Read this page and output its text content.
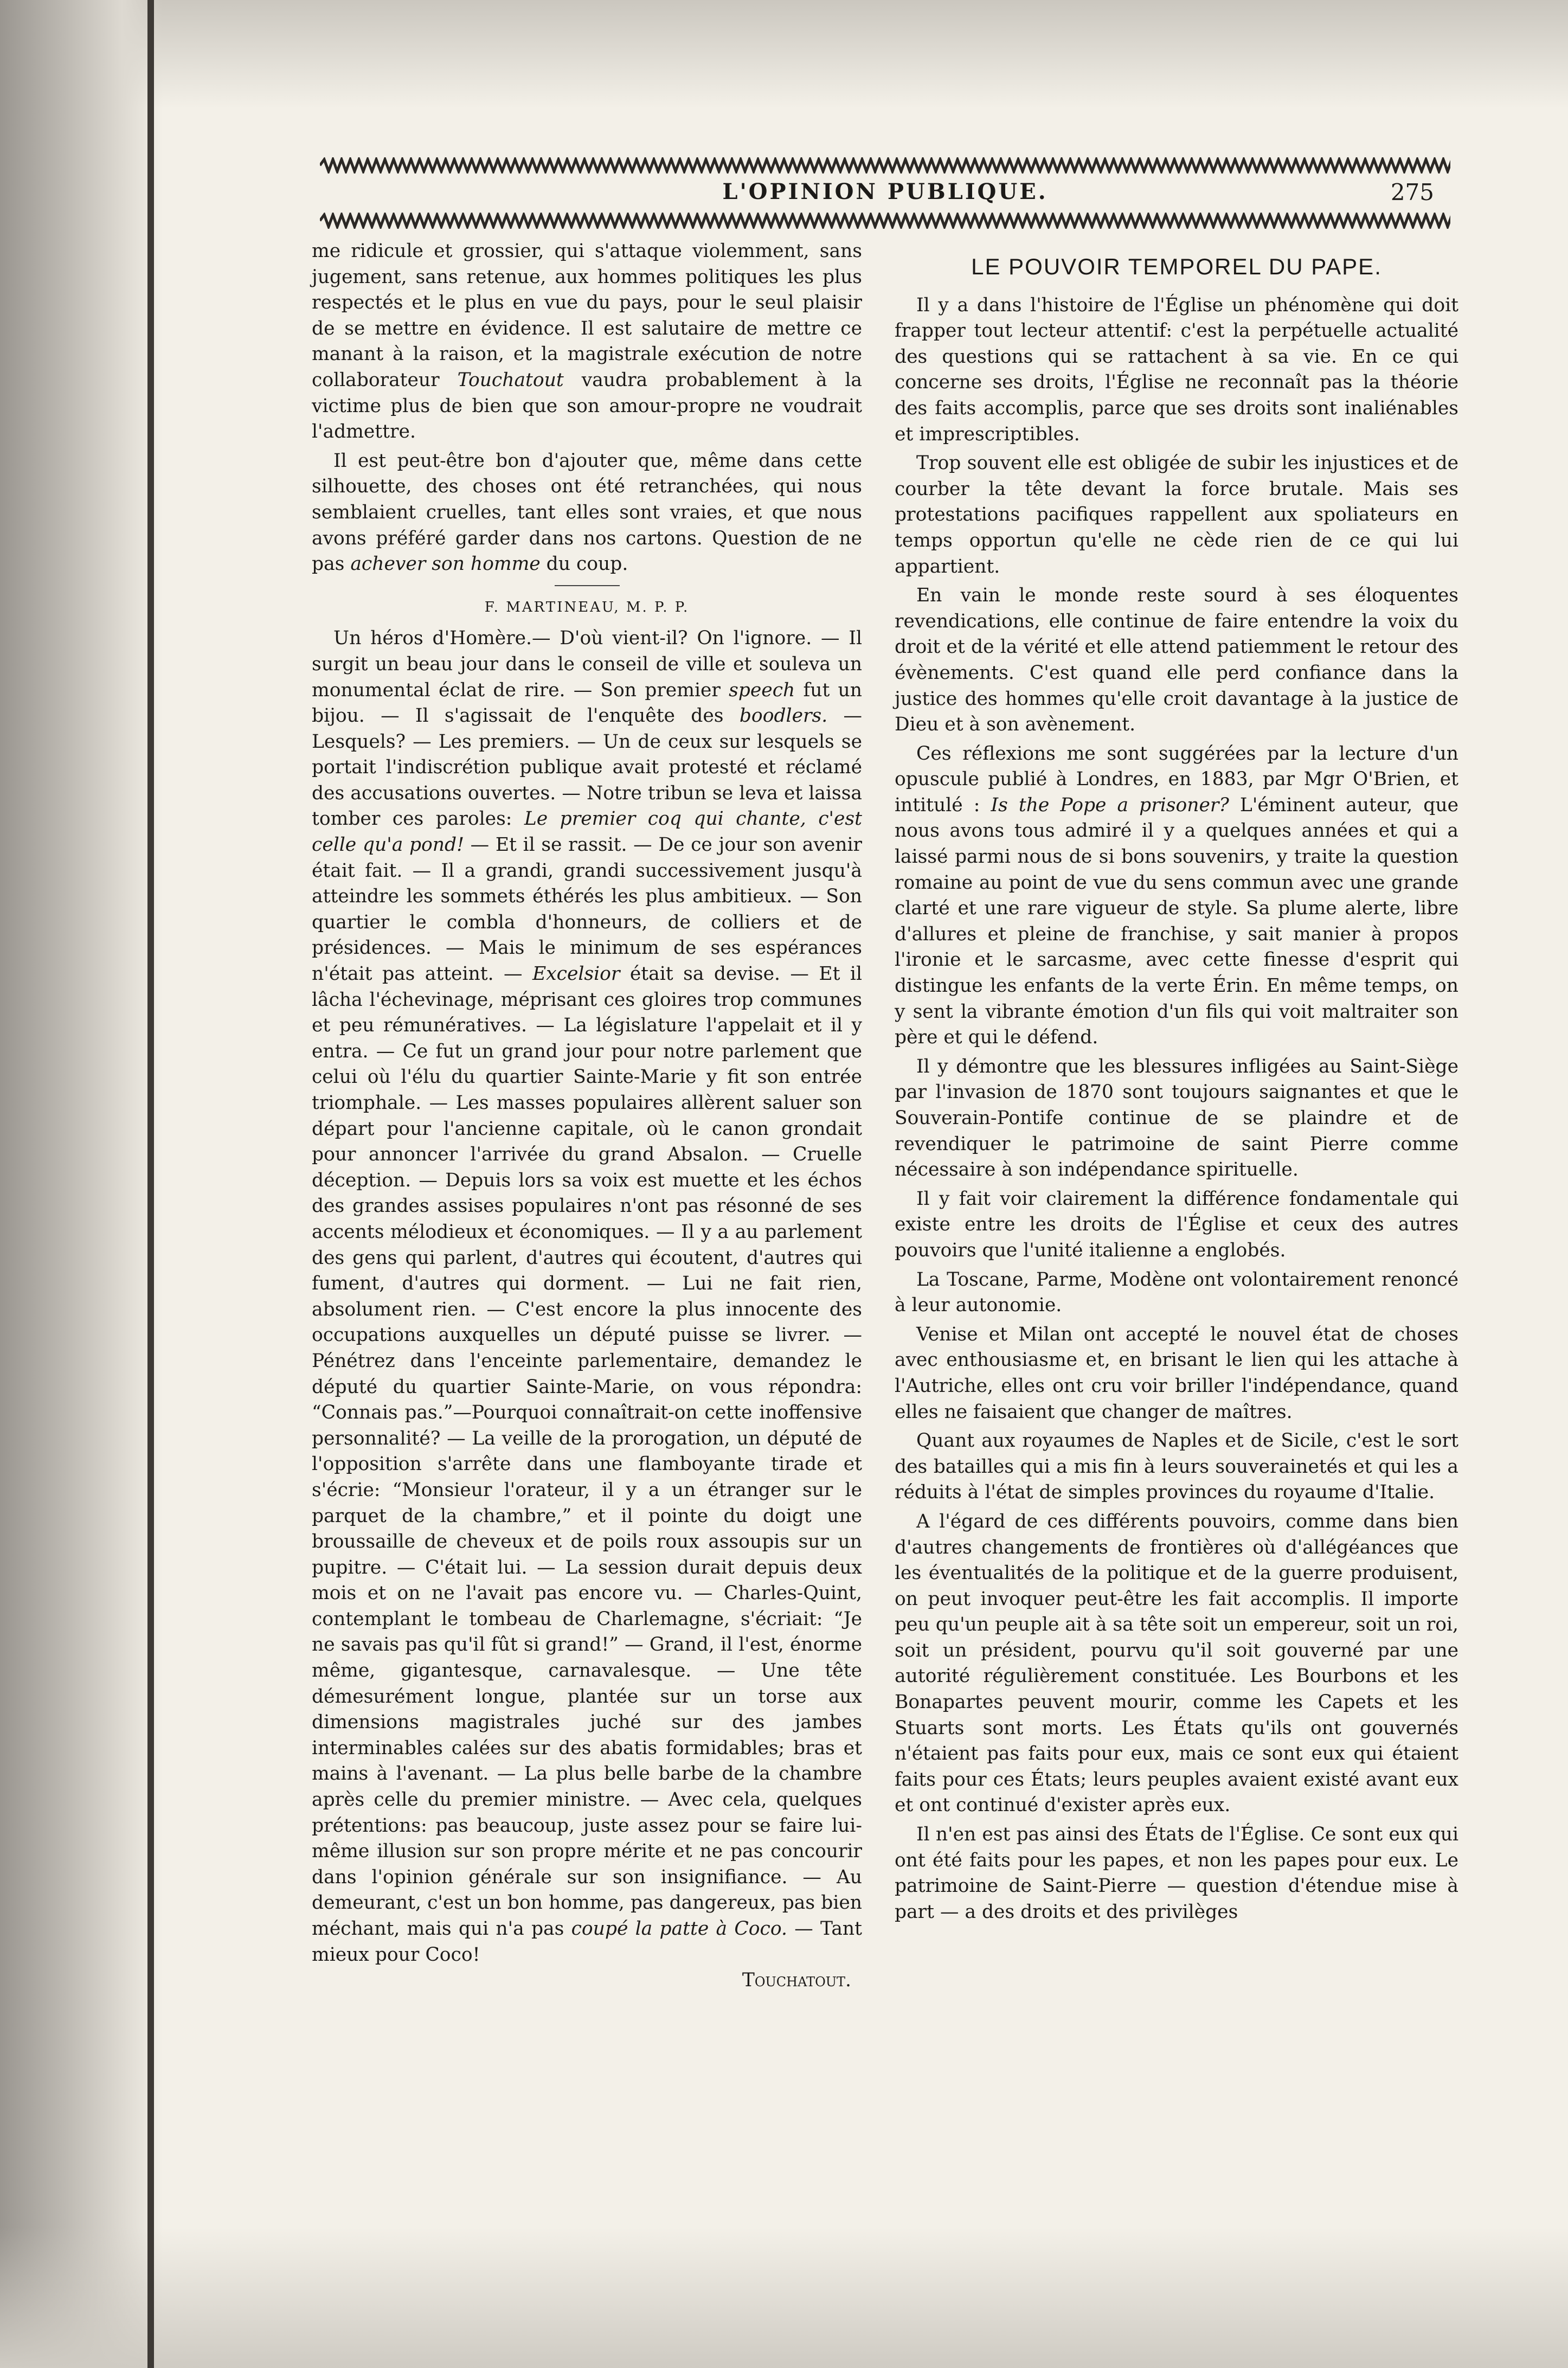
L'OPINION PUBLIQUE.	275

me ridicule et grossier, qui s'attaque violemment, sans jugement, sans retenue, aux hommes politiques les plus respectés et le plus en vue du pays, pour le seul plaisir de se mettre en évidence. Il est salutaire de mettre ce manant à la raison, et la magistrale exécution de notre collaborateur Touchatout vaudra probablement à la victime plus de bien que son amour-propre ne voudrait l'admettre.

Il est peut-être bon d'ajouter que, même dans cette silhouette, des choses ont été retranchées, qui nous semblaient cruelles, tant elles sont vraies, et que nous avons préféré garder dans nos cartons. Question de ne pas achever son homme du coup.

F. MARTINEAU, M. P. P.

Un héros d'Homère.— D'où vient-il? On l'ignore. — Il surgit un beau jour dans le conseil de ville et souleva un monumental éclat de rire. — Son premier speech fut un bijou. — Il s'agissait de l'enquête des boodlers. — Lesquels? — Les premiers. — Un de ceux sur lesquels se portait l'indiscrétion publique avait protesté et réclamé des accusations ouvertes. — Notre tribun se leva et laissa tomber ces paroles: Le premier coq qui chante, c'est celle qu'a pond! — Et il se rassit. — De ce jour son avenir était fait. — Il a grandi, grandi successivement jusqu'à atteindre les sommets éthérés les plus ambitieux. — Son quartier le combla d'honneurs, de colliers et de présidences. — Mais le minimum de ses espérances n'était pas atteint. — Excelsior était sa devise. — Et il lâcha l'échevinage, méprisant ces gloires trop communes et peu rémunératives. — La législature l'appelait et il y entra. — Ce fut un grand jour pour notre parlement que celui où l'élu du quartier Sainte-Marie y fit son entrée triomphale. — Les masses populaires allèrent saluer son départ pour l'ancienne capitale, où le canon grondait pour annoncer l'arrivée du grand Absalon. — Cruelle déception. — Depuis lors sa voix est muette et les échos des grandes assises populaires n'ont pas résonné de ses accents mélodieux et économiques. — Il y a au parlement des gens qui parlent, d'autres qui écoutent, d'autres qui fument, d'autres qui dorment. — Lui ne fait rien, absolument rien. — C'est encore la plus innocente des occupations auxquelles un député puisse se livrer. — Pénétrez dans l'enceinte parlementaire, demandez le député du quartier Sainte-Marie, on vous répondra: “Connais pas.”—Pourquoi connaîtrait-on cette inoffensive personnalité? — La veille de la prorogation, un député de l'opposition s'arrête dans une flamboyante tirade et s'écrie: “Monsieur l'orateur, il y a un étranger sur le parquet de la chambre,” et il pointe du doigt une broussaille de cheveux et de poils roux assoupis sur un pupitre. — C'était lui. — La session durait depuis deux mois et on ne l'avait pas encore vu. — Charles-Quint, contemplant le tombeau de Charlemagne, s'écriait: “Je ne savais pas qu'il fût si grand!” — Grand, il l'est, énorme même, gigantesque, carnavalesque. — Une tête démesurément longue, plantée sur un torse aux dimensions magistrales juché sur des jambes interminables calées sur des abatis formidables; bras et mains à l'avenant. — La plus belle barbe de la chambre après celle du premier ministre. — Avec cela, quelques prétentions: pas beaucoup, juste assez pour se faire lui-même illusion sur son propre mérite et ne pas concourir dans l'opinion générale sur son insignifiance. — Au demeurant, c'est un bon homme, pas dangereux, pas bien méchant, mais qui n'a pas coupé la patte à Coco. — Tant mieux pour Coco!

Touchatout.
LE POUVOIR TEMPOREL DU PAPE.

Il y a dans l'histoire de l'Église un phénomène qui doit frapper tout lecteur attentif: c'est la perpétuelle actualité des questions qui se rattachent à sa vie. En ce qui concerne ses droits, l'Église ne reconnaît pas la théorie des faits accomplis, parce que ses droits sont inaliénables et imprescriptibles.

Trop souvent elle est obligée de subir les injustices et de courber la tête devant la force brutale. Mais ses protestations pacifiques rappellent aux spoliateurs en temps opportun qu'elle ne cède rien de ce qui lui appartient.

En vain le monde reste sourd à ses éloquentes revendications, elle continue de faire entendre la voix du droit et de la vérité et elle attend patiemment le retour des évènements. C'est quand elle perd confiance dans la justice des hommes qu'elle croit davantage à la justice de Dieu et à son avènement.

Ces réflexions me sont suggérées par la lecture d'un opuscule publié à Londres, en 1883, par Mgr O'Brien, et intitulé : Is the Pope a prisoner? L'éminent auteur, que nous avons tous admiré il y a quelques années et qui a laissé parmi nous de si bons souvenirs, y traite la question romaine au point de vue du sens commun avec une grande clarté et une rare vigueur de style. Sa plume alerte, libre d'allures et pleine de franchise, y sait manier à propos l'ironie et le sarcasme, avec cette finesse d'esprit qui distingue les enfants de la verte Érin. En même temps, on y sent la vibrante émotion d'un fils qui voit maltraiter son père et qui le défend.

Il y démontre que les blessures infligées au Saint-Siège par l'invasion de 1870 sont toujours saignantes et que le Souverain-Pontife continue de se plaindre et de revendiquer le patrimoine de saint Pierre comme nécessaire à son indépendance spirituelle.

Il y fait voir clairement la différence fondamentale qui existe entre les droits de l'Église et ceux des autres pouvoirs que l'unité italienne a englobés.

La Toscane, Parme, Modène ont volontairement renoncé à leur autonomie.

Venise et Milan ont accepté le nouvel état de choses avec enthousiasme et, en brisant le lien qui les attache à l'Autriche, elles ont cru voir briller l'indépendance, quand elles ne faisaient que changer de maîtres.

Quant aux royaumes de Naples et de Sicile, c'est le sort des batailles qui a mis fin à leurs souverainetés et qui les a réduits à l'état de simples provinces du royaume d'Italie.

A l'égard de ces différents pouvoirs, comme dans bien d'autres changements de frontières où d'allégéances que les éventualités de la politique et de la guerre produisent, on peut invoquer peut-être les fait accomplis. Il importe peu qu'un peuple ait à sa tête soit un empereur, soit un roi, soit un président, pourvu qu'il soit gouverné par une autorité régulièrement constituée. Les Bourbons et les Bonapartes peuvent mourir, comme les Capets et les Stuarts sont morts. Les États qu'ils ont gouvernés n'étaient pas faits pour eux, mais ce sont eux qui étaient faits pour ces États; leurs peuples avaient existé avant eux et ont continué d'exister après eux.

Il n'en est pas ainsi des États de l'Église. Ce sont eux qui ont été faits pour les papes, et non les papes pour eux. Le patrimoine de Saint-Pierre — question d'étendue mise à part — a des droits et des privilèges
